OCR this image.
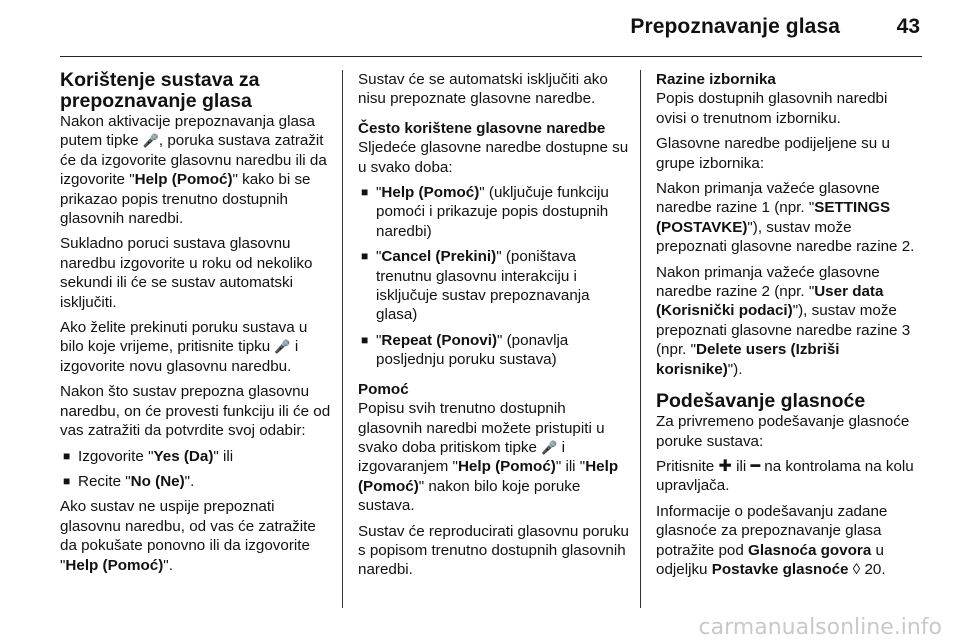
Prepoznavanje glasa	43
Korištenje sustava za prepoznavanje glasa

Nakon aktivacije prepoznavanja glasa putem tipke 🎤, poruka sustava zatražit će da izgovorite glasovnu naredbu ili da izgovorite "Help (Pomoć)" kako bi se prikazao popis trenutno dostupnih glasovnih naredbi.

Sukladno poruci sustava glasovnu naredbu izgovorite u roku od nekoliko sekundi ili će se sustav automatski isključiti.

Ako želite prekinuti poruku sustava u bilo koje vrijeme, pritisnite tipku 🎤 i izgovorite novu glasovnu naredbu.

Nakon što sustav prepozna glasovnu naredbu, on će provesti funkciju ili će od vas zatražiti da potvrdite svoj odabir:

■ Izgovorite "Yes (Da)" ili
■ Recite "No (Ne)".

Ako sustav ne uspije prepoznati glasovnu naredbu, od vas će zatražite da pokušate ponovno ili da izgovorite "Help (Pomoć)".

Sustav će se automatski isključiti ako nisu prepoznate glasovne naredbe.

Često korištene glasovne naredbe

Sljedeće glasovne naredbe dostupne su u svako doba:

■ "Help (Pomoć)" (uključuje funkciju pomoći i prikazuje popis dostupnih naredbi)
■ "Cancel (Prekini)" (poništava trenutnu glasovnu interakciju i isključuje sustav prepoznavanja glasa)
■ "Repeat (Ponovi)" (ponavlja posljednju poruku sustava)

Pomoć

Popisu svih trenutno dostupnih glasovnih naredbi možete pristupiti u svako doba pritiskom tipke 🎤 i izgovaranjem "Help (Pomoć)" ili "Help (Pomoć)" nakon bilo koje poruke sustava.

Sustav će reproducirati glasovnu poruku s popisom trenutno dostupnih glasovnih naredbi.

Razine izbornika

Popis dostupnih glasovnih naredbi ovisi o trenutnom izborniku.

Glasovne naredbe podijeljene su u grupe izbornika:

Nakon primanja važeće glasovne naredbe razine 1 (npr. "SETTINGS (POSTAVKE)"), sustav može prepoznati glasovne naredbe razine 2.

Nakon primanja važeće glasovne naredbe razine 2 (npr. "User data (Korisnički podaci)"), sustav može prepoznati glasovne naredbe razine 3 (npr. "Delete users (Izbriši korisnike)").

Podešavanje glasnoće

Za privremeno podešavanje glasnoće poruke sustava:

Pritisnite ✚ ili ━ na kontrolama na kolu upravljača.

Informacije o podešavanju zadane glasnoće za prepoznavanje glasa potražite pod Glasnoća govora u odjeljku Postavke glasnoće ◊ 20.

carmanualsonline.info
